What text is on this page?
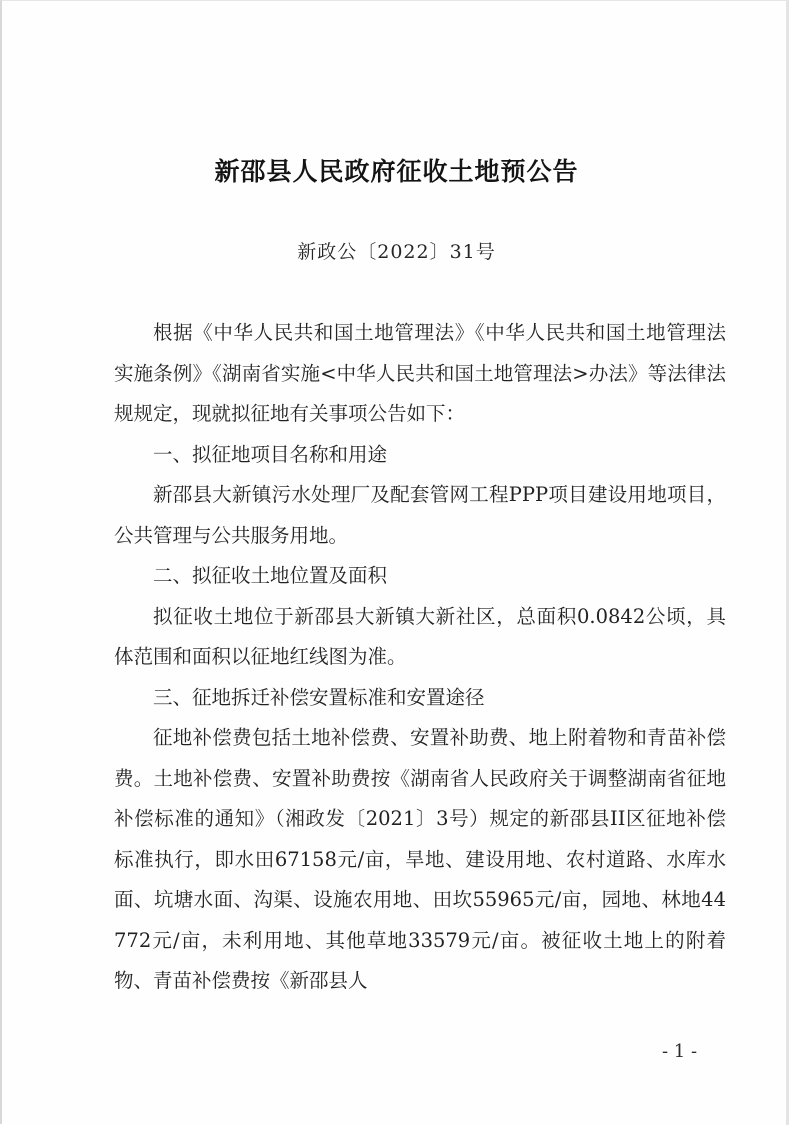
新邵县人民政府征收土地预公告
新政公〔2022〕31号

根据《中华人民共和国土地管理法》《中华人民共和国土地管理法实施条例》《湖南省实施<中华人民共和国土地管理法>办法》等法律法规规定，现就拟征地有关事项公告如下：

一、拟征地项目名称和用途

新邵县大新镇污水处理厂及配套管网工程PPP项目建设用地项目，公共管理与公共服务用地。

二、拟征收土地位置及面积

拟征收土地位于新邵县大新镇大新社区，总面积0.0842公顷，具体范围和面积以征地红线图为准。

三、征地拆迁补偿安置标准和安置途径

征地补偿费包括土地补偿费、安置补助费、地上附着物和青苗补偿费。土地补偿费、安置补助费按《湖南省人民政府关于调整湖南省征地补偿标准的通知》（湘政发〔2021〕3号）规定的新邵县II区征地补偿标准执行，即水田67158元/亩，旱地、建设用地、农村道路、水库水面、坑塘水面、沟渠、设施农用地、田坎55965元/亩，园地、林地44772元/亩，未利用地、其他草地33579元/亩。被征收土地上的附着物、青苗补偿费按《新邵县人

- 1 -
